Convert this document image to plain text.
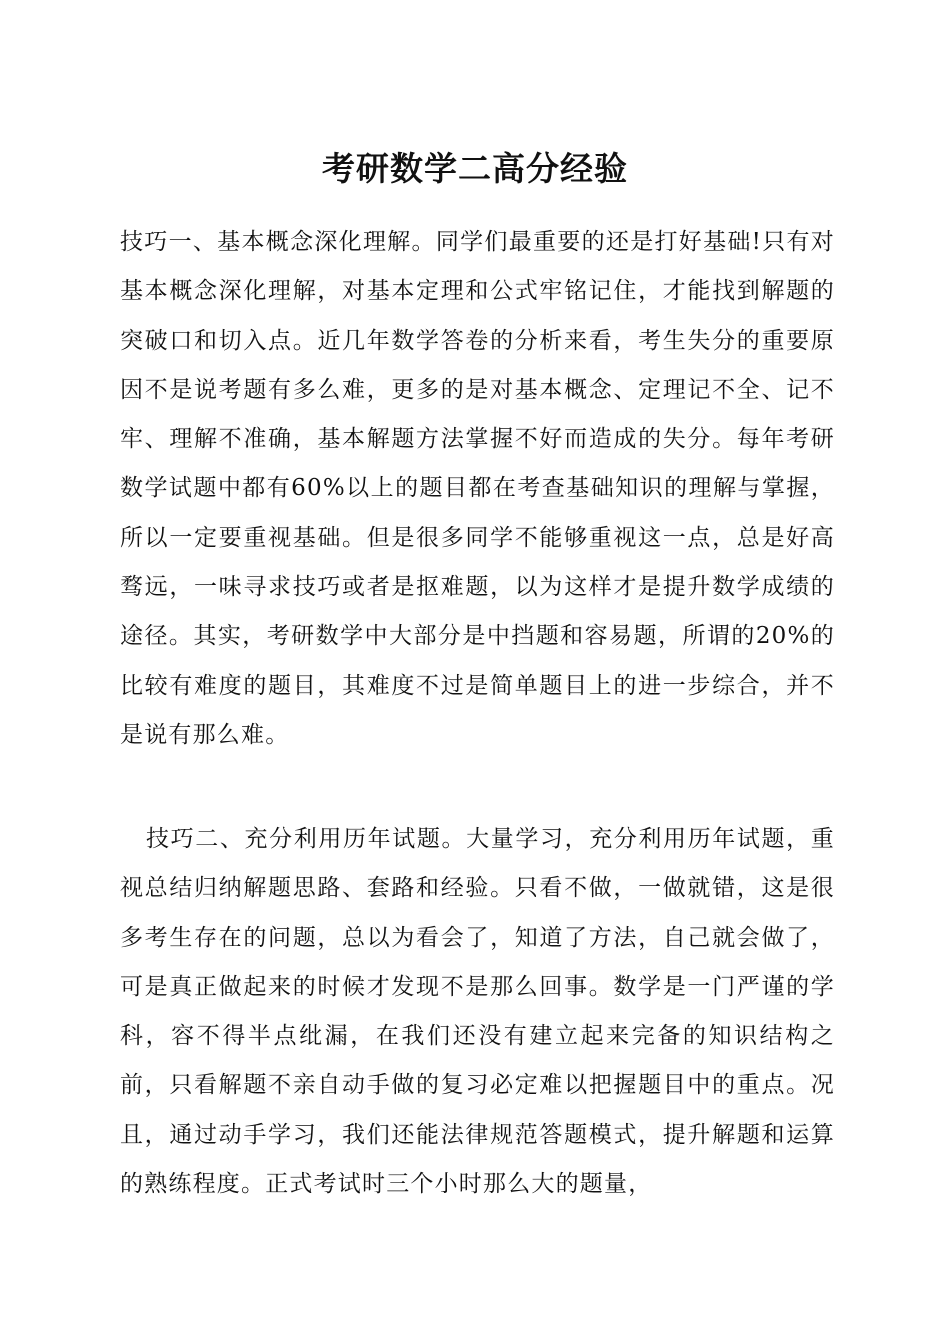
考研数学二高分经验

技巧一、基本概念深化理解。同学们最重要的还是打好基础!只有对基本概念深化理解，对基本定理和公式牢铭记住，才能找到解题的突破口和切入点。近几年数学答卷的分析来看，考生失分的重要原因不是说考题有多么难，更多的是对基本概念、定理记不全、记不牢、理解不准确，基本解题方法掌握不好而造成的失分。每年考研数学试题中都有60%以上的题目都在考查基础知识的理解与掌握，所以一定要重视基础。但是很多同学不能够重视这一点，总是好高骛远，一味寻求技巧或者是抠难题，以为这样才是提升数学成绩的途径。其实，考研数学中大部分是中挡题和容易题，所谓的20%的比较有难度的题目，其难度不过是简单题目上的进一步综合，并不是说有那么难。

技巧二、充分利用历年试题。大量学习，充分利用历年试题，重视总结归纳解题思路、套路和经验。只看不做，一做就错，这是很多考生存在的问题，总以为看会了，知道了方法，自己就会做了，可是真正做起来的时候才发现不是那么回事。数学是一门严谨的学科，容不得半点纰漏，在我们还没有建立起来完备的知识结构之前，只看解题不亲自动手做的复习必定难以把握题目中的重点。况且，通过动手学习，我们还能法律规范答题模式，提升解题和运算的熟练程度。正式考试时三个小时那么大的题量，
